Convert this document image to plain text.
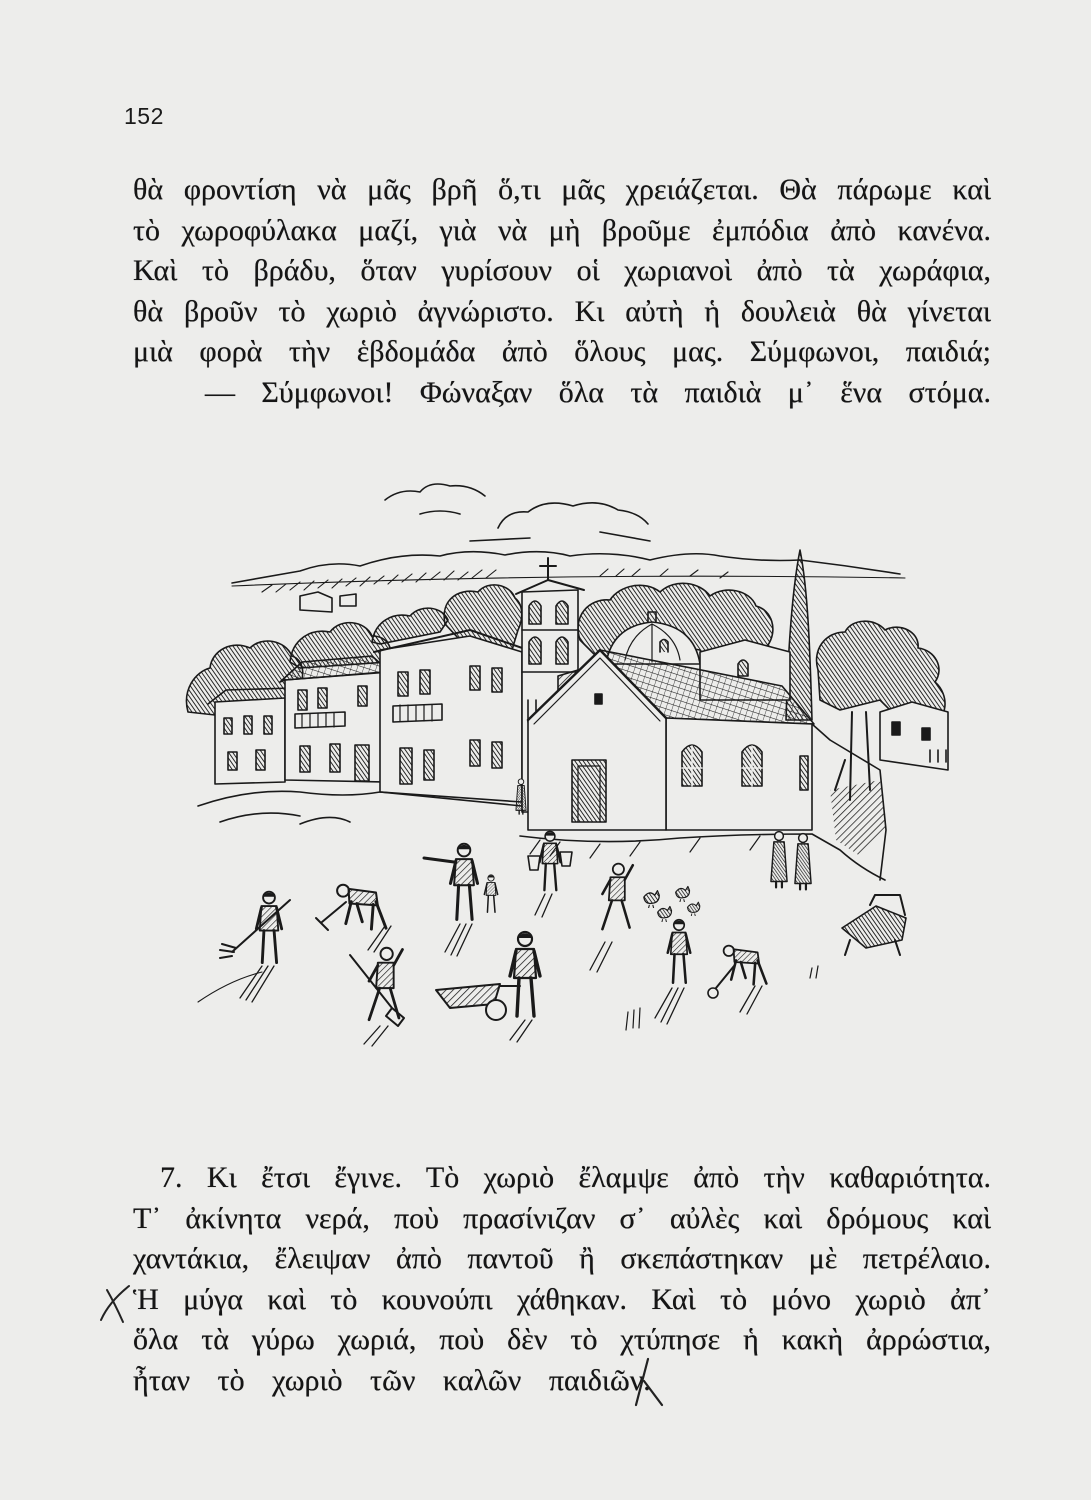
152
θὰ φροντίση νὰ μᾶς βρῆ ὅ,τι μᾶς χρειάζεται. Θὰ πάρωμε καὶ
τὸ χωροφύλακα μαζί, γιὰ νὰ μὴ βροῦμε ἐμπόδια ἀπὸ κανένα.
Καὶ τὸ βράδυ, ὅταν γυρίσουν οἱ χωριανοὶ ἀπὸ τὰ χωράφια,
θὰ βροῦν τὸ χωριὸ ἀγνώριστο. Κι αὐτὴ ἡ δουλειὰ θὰ γίνεται
μιὰ φορὰ τὴν ἑβδομάδα ἀπὸ ὅλους μας. Σύμφωνοι, παιδιά;
— Σύμφωνοι! Φώναξαν ὅλα τὰ παιδιὰ μ᾽ ἕνα στόμα.
7. Κι ἔτσι ἔγινε. Τὸ χωριὸ ἔλαμψε ἀπὸ τὴν καθαριότητα.
Τ᾽ ἀκίνητα νερά, ποὺ πρασίνιζαν σ᾽ αὐλὲς καὶ δρόμους καὶ
χαντάκια, ἔλειψαν ἀπὸ παντοῦ ἢ σκεπάστηκαν μὲ πετρέλαιο.
Ἡ μύγα καὶ τὸ κουνούπι χάθηκαν. Καὶ τὸ μόνο χωριὸ ἀπ᾽
ὅλα τὰ γύρω χωριά, ποὺ δὲν τὸ χτύπησε ἡ κακὴ ἀρρώστια,
ἦταν τὸ χωριὸ τῶν καλῶν παιδιῶν.
